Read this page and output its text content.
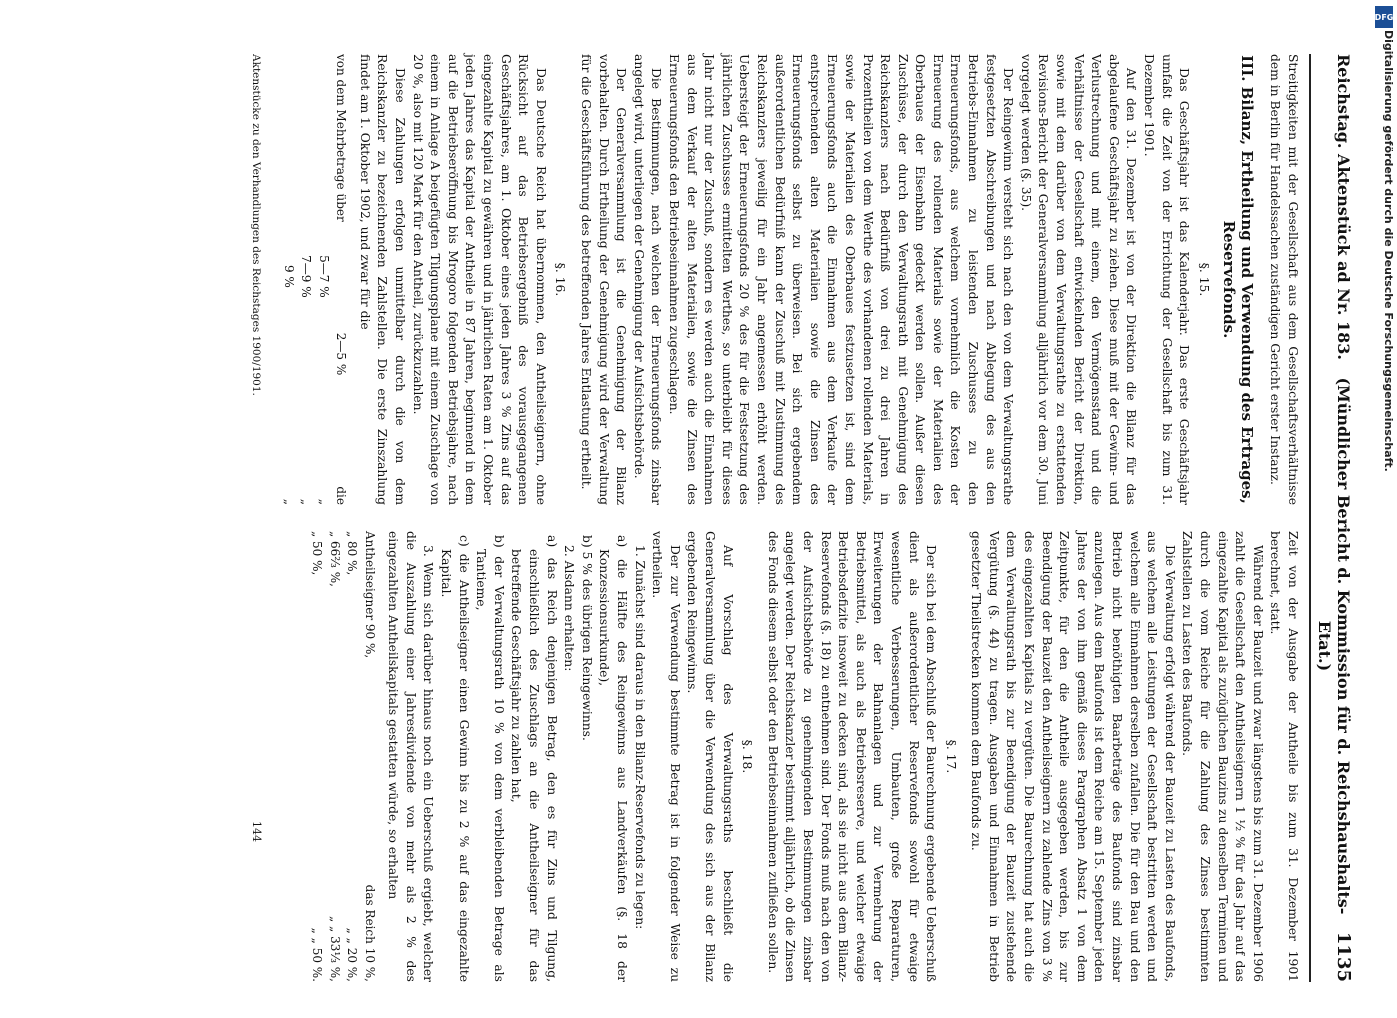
Reichstag. Aktenstück ad Nr. 183.
(Mündlicher Bericht d. Kommission für d. Reichshaushalts-Etat.)
1135

Streitigkeiten mit der Gesellschaft aus dem Gesellschaftsverhältnisse dem in Berlin für Handelssachen zuständigen Gericht erster Instanz.

III. Bilanz, Ertheilung und Verwendung des Ertrages, Reservefonds.
§. 15.

Das Geschäftsjahr ist das Kalenderjahr. Das erste Geschäftsjahr umfaßt die Zeit von der Errichtung der Gesellschaft bis zum 31. Dezember 1901.

Auf den 31. Dezember ist von der Direktion die Bilanz für das abgelaufene Geschäftsjahr zu ziehen. Diese muß mit der Gewinn- und Verlustrechnung und mit einem, den Vermögensstand und die Verhältnisse der Gesellschaft entwickelnden Bericht der Direktion, sowie mit dem darüber von dem Verwaltungsrathe zu erstattenden Revisions-Bericht der Generalversammlung alljährlich vor dem 30. Juni vorgelegt werden (§. 35).

Der Reingewinn versteht sich nach den von dem Verwaltungsrathe festgesetzten Abschreibungen und nach Ablegung des aus den Betriebs-Einnahmen zu leistenden Zuschusses zu den Erneuerungsfonds, aus welchem vornehmlich die Kosten der Erneuerung des rollenden Materials sowie der Materialien des Oberbaues der Eisenbahn gedeckt werden sollen. Außer diesen Zuschüsse, der durch den Verwaltungsrath mit Genehmigung des Reichskanzlers nach Bedürfniß von drei zu drei Jahren in Prozenttheilen von dem Werthe des vorhandenen rollenden Materials, sowie der Materialien des Oberbaues festzusetzen ist, sind dem Erneuerungsfonds auch die Einnahmen aus dem Verkaufe der entsprechenden alten Materialien sowie die Zinsen des Erneuerungsfonds selbst zu überweisen. Bei sich ergebendem außerordentlichen Bedürfniß kann der Zuschuß mit Zustimmung des Reichskanzlers jeweilig für ein Jahr angemessen erhöht werden. Uebersteigt der Erneuerungsfonds 20 % des für die Festsetzung des jährlichen Zuschusses ermittelten Werthes, so unterbleibt für dieses Jahr nicht nur der Zuschuß, sondern es werden auch die Einnahmen aus dem Verkauf der alten Materialien, sowie die Zinsen des Erneuerungsfonds den Betriebseinnahmen zugeschlagen.

Die Bestimmungen, nach welchen der Erneuerungsfonds zinsbar angelegt wird, unterliegen der Genehmigung der Aufsichtsbehörde.

Der Generalversammlung ist die Genehmigung der Bilanz vorbehalten. Durch Ertheilung der Genehmigung wird der Verwaltung für die Geschäftsführung des betreffenden Jahres Entlastung ertheilt.

§. 16.

Das Deutsche Reich hat übernommen, den Antheilseignern, ohne Rücksicht auf das Betriebsergebniß des vorausgegangenen Geschäftsjahres, am 1. Oktober eines jeden Jahres 3 % Zins auf das eingezahlte Kapital zu gewähren und in jährlichen Raten am 1. Oktober jeden Jahres das Kapital der Antheile in 87 Jahren, beginnend in dem auf die Betriebseröffnung bis Mrogoro folgenden Betriebsjahre, nach einem in Anlage A beigefügten Tilgungsplane mit einem Zuschlage von 20 %, also mit 120 Mark für den Antheil, zurückzuzahlen.

Diese Zahlungen erfolgen unmittelbar durch die von dem Reichskanzler zu bezeichnenden Zahlstellen. Die erste Zinszahlung findet am 1. Oktober 1902, und zwar für die

von dem Mehrbetrage über
2—5 %
die
5—7 %
„
7—9 %
„
9 %
„

Zeit von der Ausgabe der Antheile bis zum 31. Dezember 1901 berechnet, statt.

Während der Bauzeit und zwar längstens bis zum 31. Dezember 1906 zahlt die Gesellschaft den Antheilseignern 1 ½ % für das Jahr auf das eingezahlte Kapital als zuzüglichen Bauzins zu denselben Terminen und durch die vom Reiche für die Zahlung des Zinses bestimmten Zahlstellen zu Lasten des Baufonds.

Die Verwaltung erfolgt während der Bauzeit zu Lasten des Baufonds, aus welchem alle Leistungen der Gesellschaft bestritten werden und welchem alle Einnahmen derselben zufallen. Die für den Bau und den Betrieb nicht benöthigten Baarbeträge des Baufonds sind zinsbar anzulegen. Aus dem Baufonds ist dem Reiche am 15. September jeden Jahres der von ihm gemäß dieses Paragraphen Absatz 1 von dem Zeitpunkte, für den die Antheile ausgegeben werden, bis zur Beendigung der Bauzeit den Antheilseignern zu zahlende Zins von 3 % des eingezahlten Kapitals zu vergüten. Die Baurechnung hat auch die dem Verwaltungsrath bis zur Beendigung der Bauzeit zustehende Vergütung (§. 44) zu tragen. Ausgaben und Einnahmen in Betrieb gesetzter Theilstrecken kommen dem Baufonds zu.

§. 17.

Der sich bei dem Abschluß der Baurechnung ergebende Ueberschuß dient als außerordentlicher Reservefonds sowohl für etwaige wesentliche Verbesserungen, Umbauten, große Reparaturen, Erweiterungen der Bahnanlagen und zur Vermehrung der Betriebsmittel, als auch als Betriebsreserve, und welcher etwaige Betriebsdefizite insoweit zu decken sind, als sie nicht aus dem Bilanz-Reservefonds (§. 18) zu entnehmen sind. Der Fonds muß nach den von der Aufsichtsbehörde zu genehmigenden Bestimmungen zinsbar angelegt werden. Der Reichskanzler bestimmt alljährlich, ob die Zinsen des Fonds diesem selbst oder den Betriebseinnahmen zufließen sollen.

§. 18.

Auf Vorschlag des Verwaltungsraths beschließt die Generalversammlung über die Verwendung des sich aus der Bilanz ergebenden Reingewinns.

Der zur Verwendung bestimmte Betrag ist in folgender Weise zu vertheilen.

1. Zunächst sind daraus in den Bilanz-Reservefonds zu legen:

a) die Hälfte des Reingewinns aus Landverkäufen (§. 18 der Konzessionsurkunde),

b) 5 % des übrigen Reingewinns.

2. Alsdann erhalten:

a) das Reich denjenigen Betrag, den es für Zins und Tilgung, einschließlich des Zuschlags an die Antheilseigner für das betreffende Geschäftsjahr zu zahlen hat,

b) der Verwaltungsrath 10 % von dem verbleibenden Betrage als Tantieme,

c) die Antheilseigner einen Gewinn bis zu 2 % auf das eingezahlte Kapital.

3. Wenn sich darüber hinaus noch ein Ueberschuß ergiebt, welcher die Auszahlung einer Jahresdividende von mehr als 2 % des eingezahlten Antheilskapitals gestatten würde, so erhalten

Antheilseigner 90 %,
das Reich 10 %,
„ 80 %,
„ „ 20 %,
„ 66⅔ %,
„ „ 33⅓ %,
„ 50 %,
„ „ 50 %.
Aktenstücke zu den Verhandlungen des Reichstages 1900/1901.
144
DFG
Digitalisierung gefördert durch die Deutsche Forschungsgemeinschaft.
